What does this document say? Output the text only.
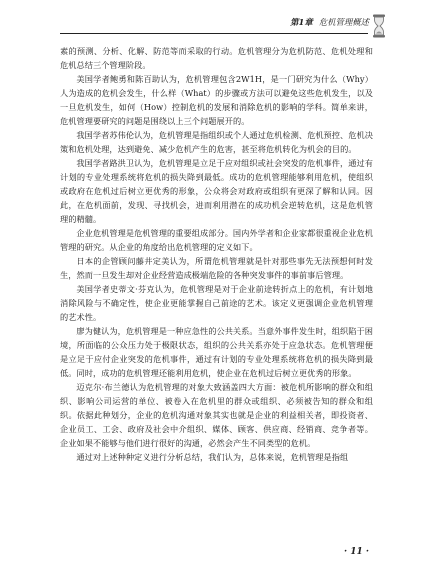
第1章 危机管理概述

素的预测、分析、化解、防范等而采取的行动。危机管理分为危机防范、危机处理和危机总结三个管理阶段。

美国学者鲍勇和陈百助认为，危机管理包含2W1H，是一门研究为什么（Why）人为造成的危机会发生，什么样（What）的步骤或方法可以避免这些危机发生，以及一旦危机发生，如何（How）控制危机的发展和消除危机的影响的学科。简单来讲，危机管理要研究的问题是围绕以上三个问题展开的。

我国学者苏伟伦认为，危机管理是指组织或个人通过危机检测、危机预控、危机决策和危机处理，达到避免、减少危机产生的危害，甚至将危机转化为机会的目的。

我国学者路洪卫认为，危机管理是立足于应对组织或社会突发的危机事件，通过有计划的专业处理系统将危机的损失降到最低。成功的危机管理能够利用危机，使组织或政府在危机过后树立更优秀的形象，公众将会对政府或组织有更深了解和认同。因此，在危机面前，发现、寻找机会，进而利用潜在的成功机会逆转危机，这是危机管理的精髓。

企业危机管理是危机管理的重要组成部分。国内外学者和企业家都很重视企业危机管理的研究。从企业的角度给出危机管理的定义如下。

日本的企管顾问藤井定美认为，所谓危机管理就是针对那些事先无法预想何时发生，然而一旦发生却对企业经营造成极端危险的各种突发事件的事前事后管理。

美国学者史蒂文·芬克认为，危机管理是对于企业前途转折点上的危机，有计划地消除风险与不确定性，使企业更能掌握自己前途的艺术。该定义更强调企业危机管理的艺术性。

廖为健认为，危机管理是一种应急性的公共关系。当意外事件发生时，组织陷于困境，所面临的公众压力处于极限状态，组织的公共关系亦处于应急状态。危机管理便是立足于应付企业突发的危机事件，通过有计划的专业处理系统将危机的损失降到最低。同时，成功的危机管理还能利用危机，使企业在危机过后树立更优秀的形象。

迈克尔·布兰德认为危机管理的对象大致涵盖四大方面：被危机所影响的群众和组织、影响公司运营的单位、被卷入在危机里的群众或组织、必须被告知的群众和组织。依据此种划分，企业的危机沟通对象其实也就是企业的利益相关者，即投资者、企业员工、工会、政府及社会中介组织、媒体、顾客、供应商、经销商、竞争者等。企业如果不能够与他们进行很好的沟通，必然会产生不同类型的危机。

通过对上述种种定义进行分析总结，我们认为，总体来说，危机管理是指组

· 11 ·
